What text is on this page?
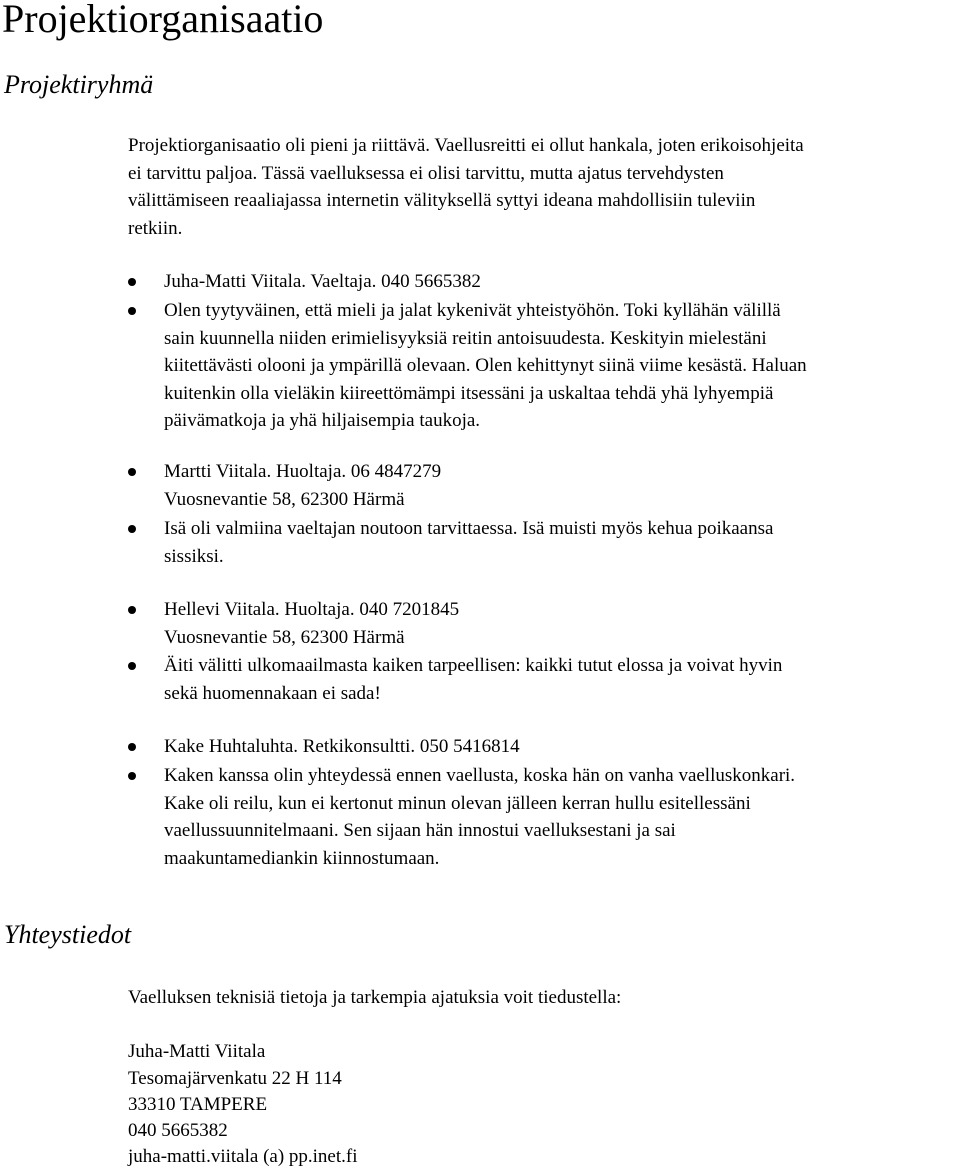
Projektiorganisaatio
Projektiryhmä
Projektiorganisaatio oli pieni ja riittävä. Vaellusreitti ei ollut hankala, joten erikoisohjeita
ei tarvittu paljoa. Tässä vaelluksessa ei olisi tarvittu, mutta ajatus tervehdysten
välittämiseen reaaliajassa internetin välityksellä syttyi ideana mahdollisiin tuleviin
retkiin.
Juha-Matti Viitala. Vaeltaja. 040 5665382
Olen tyytyväinen, että mieli ja jalat kykenivät yhteistyöhön. Toki kyllähän välillä
sain kuunnella niiden erimielisyyksiä reitin antoisuudesta. Keskityin mielestäni
kiitettävästi olooni ja ympärillä olevaan. Olen kehittynyt siinä viime kesästä. Haluan
kuitenkin olla vieläkin kiireettömämpi itsessäni ja uskaltaa tehdä yhä lyhyempiä
päivämatkoja ja yhä hiljaisempia taukoja.
Martti Viitala. Huoltaja. 06 4847279
Vuosnevantie 58, 62300 Härmä
Isä oli valmiina vaeltajan noutoon tarvittaessa. Isä muisti myös kehua poikaansa
sissiksi.
Hellevi Viitala. Huoltaja. 040 7201845
Vuosnevantie 58, 62300 Härmä
Äiti välitti ulkomaailmasta kaiken tarpeellisen: kaikki tutut elossa ja voivat hyvin
sekä huomennakaan ei sada!
Kake Huhtaluhta. Retkikonsultti. 050 5416814
Kaken kanssa olin yhteydessä ennen vaellusta, koska hän on vanha vaelluskonkari.
Kake oli reilu, kun ei kertonut minun olevan jälleen kerran hullu esitellessäni
vaellussuunnitelmaani. Sen sijaan hän innostui vaelluksestani ja sai
maakuntamediankin kiinnostumaan.
Yhteystiedot
Vaelluksen teknisiä tietoja ja tarkempia ajatuksia voit tiedustella:
Juha-Matti Viitala
Tesomajärvenkatu 22 H 114
33310 TAMPERE
040 5665382
juha-matti.viitala (a) pp.inet.fi
